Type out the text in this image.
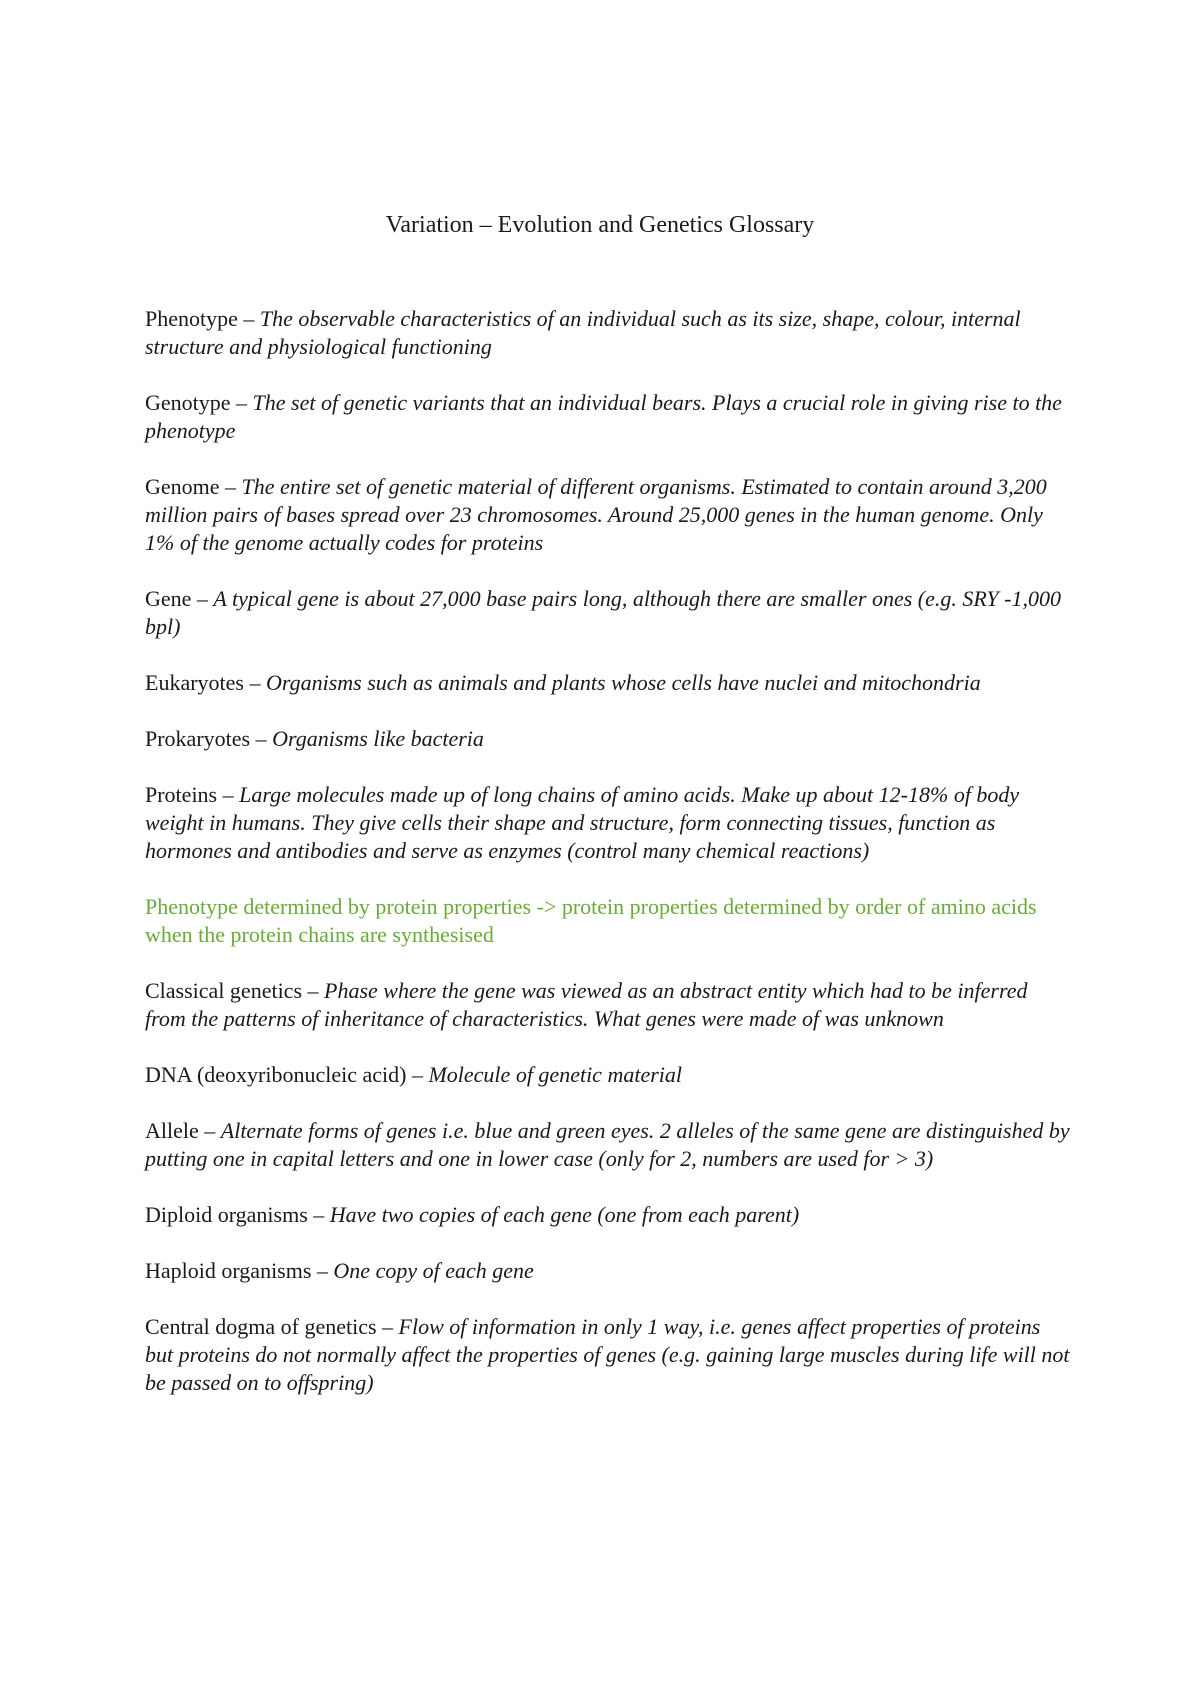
Variation – Evolution and Genetics Glossary

Phenotype – The observable characteristics of an individual such as its size, shape, colour, internal structure and physiological functioning

Genotype – The set of genetic variants that an individual bears. Plays a crucial role in giving rise to the phenotype

Genome – The entire set of genetic material of different organisms. Estimated to contain around 3,200 million pairs of bases spread over 23 chromosomes. Around 25,000 genes in the human genome. Only 1% of the genome actually codes for proteins

Gene – A typical gene is about 27,000 base pairs long, although there are smaller ones (e.g. SRY -1,000 bpl)

Eukaryotes – Organisms such as animals and plants whose cells have nuclei and mitochondria

Prokaryotes – Organisms like bacteria

Proteins – Large molecules made up of long chains of amino acids. Make up about 12-18% of body weight in humans. They give cells their shape and structure, form connecting tissues, function as hormones and antibodies and serve as enzymes (control many chemical reactions)

Phenotype determined by protein properties -> protein properties determined by order of amino acids when the protein chains are synthesised

Classical genetics – Phase where the gene was viewed as an abstract entity which had to be inferred from the patterns of inheritance of characteristics. What genes were made of was unknown

DNA (deoxyribonucleic acid) – Molecule of genetic material

Allele – Alternate forms of genes i.e. blue and green eyes. 2 alleles of the same gene are distinguished by putting one in capital letters and one in lower case (only for 2, numbers are used for > 3)

Diploid organisms – Have two copies of each gene (one from each parent)

Haploid organisms – One copy of each gene

Central dogma of genetics – Flow of information in only 1 way, i.e. genes affect properties of proteins but proteins do not normally affect the properties of genes (e.g. gaining large muscles during life will not be passed on to offspring)
